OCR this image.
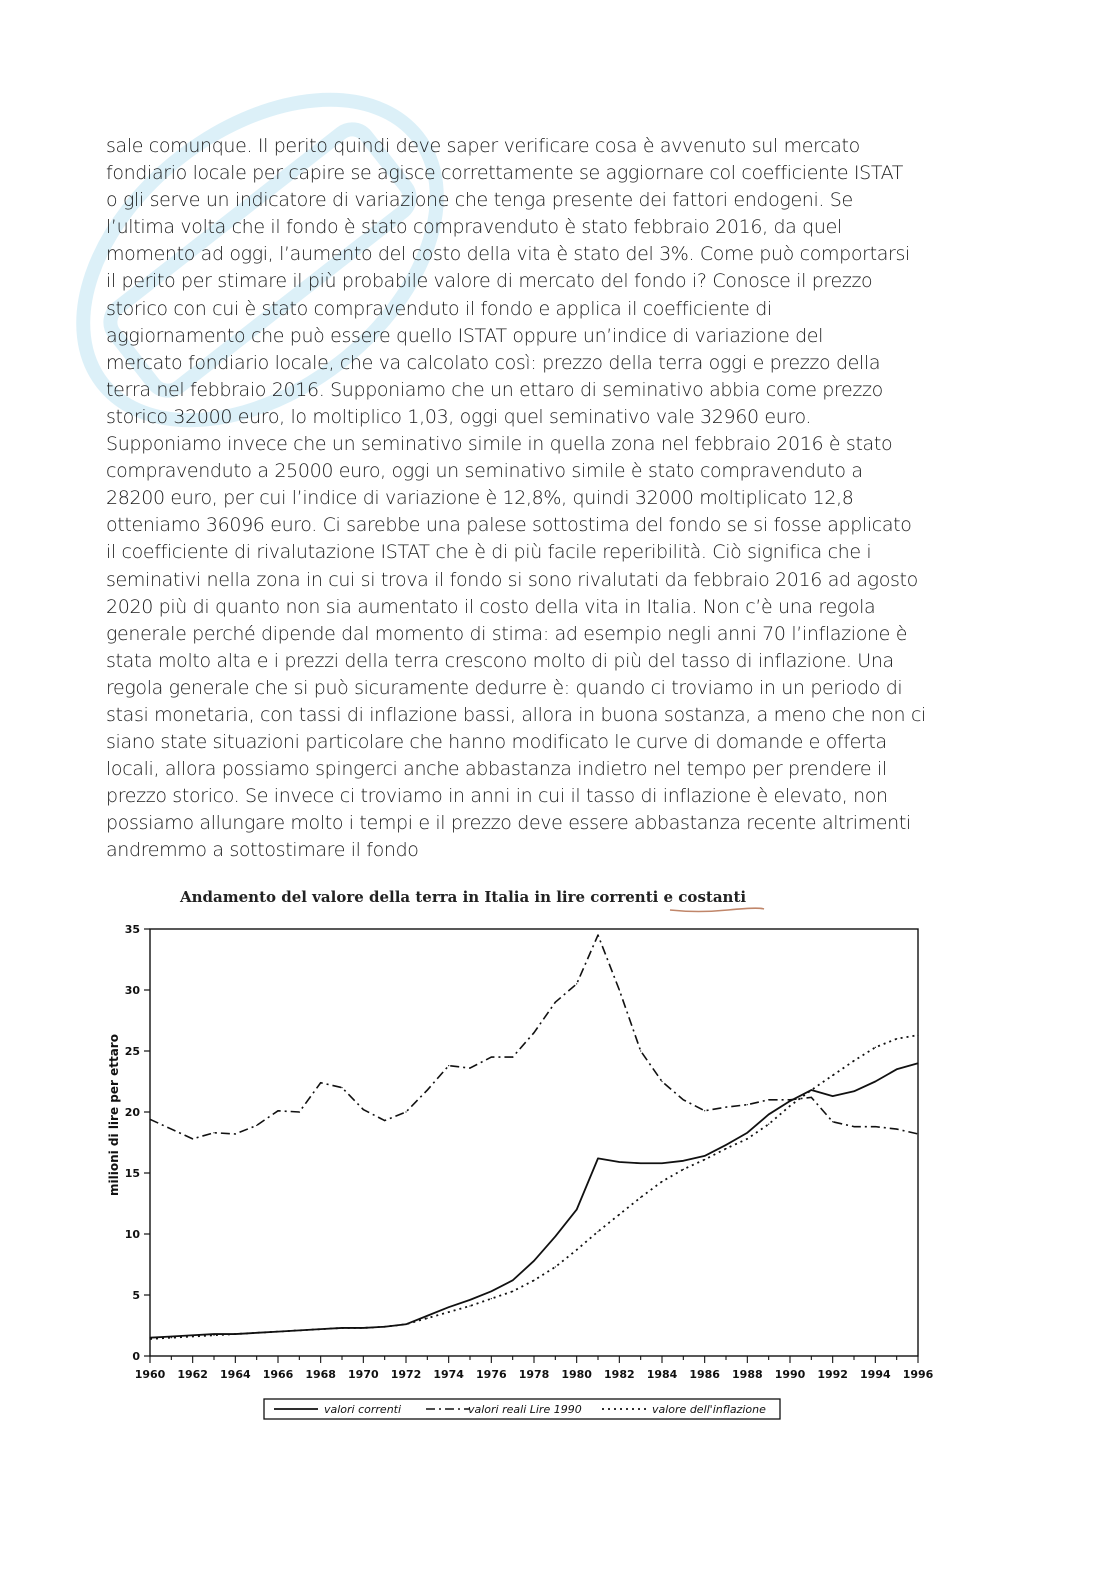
sale comunque. Il perito quindi deve saper verificare cosa è avvenuto sul mercato
fondiario locale per capire se agisce correttamente se aggiornare col coefficiente ISTAT
o gli serve un indicatore di variazione che tenga presente dei fattori endogeni. Se
l’ultima volta che il fondo è stato compravenduto è stato febbraio 2016, da quel
momento ad oggi, l’aumento del costo della vita è stato del 3%. Come può comportarsi
il perito per stimare il più probabile valore di mercato del fondo i? Conosce il prezzo
storico con cui è stato compravenduto il fondo e applica il coefficiente di
aggiornamento che può essere quello ISTAT oppure un’indice di variazione del
mercato fondiario locale, che va calcolato così: prezzo della terra oggi e prezzo della
terra nel febbraio 2016. Supponiamo che un ettaro di seminativo abbia come prezzo
storico 32000 euro, lo moltiplico 1,03, oggi quel seminativo vale 32960 euro.
Supponiamo invece che un seminativo simile in quella zona nel febbraio 2016 è stato
compravenduto a 25000 euro, oggi un seminativo simile è stato compravenduto a
28200 euro, per cui l’indice di variazione è 12,8%, quindi 32000 moltiplicato 12,8
otteniamo 36096 euro. Ci sarebbe una palese sottostima del fondo se si fosse applicato
il coefficiente di rivalutazione ISTAT che è di più facile reperibilità. Ciò significa che i
seminativi nella zona in cui si trova il fondo si sono rivalutati da febbraio 2016 ad agosto
2020 più di quanto non sia aumentato il costo della vita in Italia. Non c’è una regola
generale perché dipende dal momento di stima: ad esempio negli anni 70 l’inflazione è
stata molto alta e i prezzi della terra crescono molto di più del tasso di inflazione. Una
regola generale che si può sicuramente dedurre è: quando ci troviamo in un periodo di
stasi monetaria, con tassi di inflazione bassi, allora in buona sostanza, a meno che non ci
siano state situazioni particolare che hanno modificato le curve di domande e offerta
locali, allora possiamo spingerci anche abbastanza indietro nel tempo per prendere il
prezzo storico. Se invece ci troviamo in anni in cui il tasso di inflazione è elevato, non
possiamo allungare molto i tempi e il prezzo deve essere abbastanza recente altrimenti
andremmo a sottostimare il fondo
Andamento del valore della terra in Italia in lire correnti e costanti
0
5
10
15
20
25
30
35
1960 1962 1964 1966 1968 1970 1972 1974 1976 1978 1980 1982 1984 1986 1988 1990 1992 1994 1996
valori correnti	valori reali Lire 1990	valore dell'inflazione
milioni di lire per ettaro
